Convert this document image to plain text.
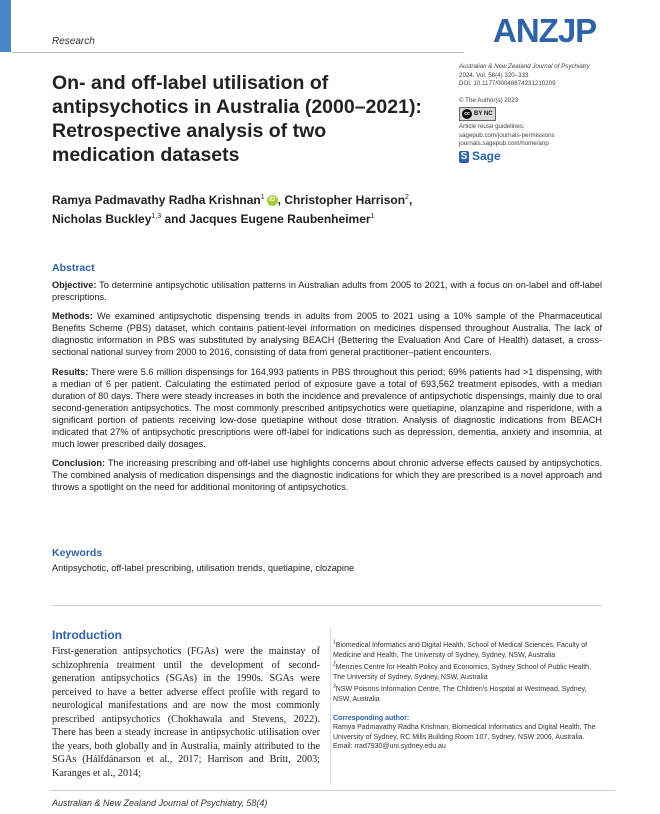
Research	ANZJP
Australian & New Zealand Journal of Psychiatry
2024, Vol. 58(4) 320–333
DOI: 10.1177/00048674231210209
© The Author(s) 2023
cc BY NC
Article reuse guidelines:
sagepub.com/journals-permissions
journals.sagepub.com/home/anp
S Sage
On- and off-label utilisation of antipsychotics in Australia (2000–2021): Retrospective analysis of two medication datasets
Ramya Padmavathy Radha Krishnan$^1$ iD , Christopher Harrison$^2$,
Nicholas Buckley$^{1,3}$ and Jacques Eugene Raubenheimer$^1$
Abstract

Objective: To determine antipsychotic utilisation patterns in Australian adults from 2005 to 2021, with a focus on on-label and off-label prescriptions.

Methods: We examined antipsychotic dispensing trends in adults from 2005 to 2021 using a 10% sample of the Pharmaceutical Benefits Scheme (PBS) dataset, which contains patient-level information on medicines dispensed throughout Australia. The lack of diagnostic information in PBS was substituted by analysing BEACH (Bettering the Evaluation And Care of Health) dataset, a cross-sectional national survey from 2000 to 2016, consisting of data from general practitioner–patient encounters.

Results: There were 5.6 million dispensings for 164,993 patients in PBS throughout this period; 69% patients had >1 dispensing, with a median of 6 per patient. Calculating the estimated period of exposure gave a total of 693,562 treatment episodes, with a median duration of 80 days. There were steady increases in both the incidence and prevalence of antipsychotic dispensings, mainly due to oral second-generation antipsychotics. The most commonly prescribed antipsychotics were quetiapine, olanzapine and risperidone, with a significant portion of patients receiving low-dose quetiapine without dose titration. Analysis of diagnostic indications from BEACH indicated that 27% of antipsychotic prescriptions were off-label for indications such as depression, dementia, anxiety and insomnia, at much lower prescribed daily dosages.

Conclusion: The increasing prescribing and off-label use highlights concerns about chronic adverse effects caused by antipsychotics. The combined analysis of medication dispensings and the diagnostic indications for which they are prescribed is a novel approach and throws a spotlight on the need for additional monitoring of antipsychotics.

Keywords
Antipsychotic, off-label prescribing, utilisation trends, quetiapine, clozapine
Introduction

First-generation antipsychotics (FGAs) were the mainstay of schizophrenia treatment until the development of second-generation antipsychotics (SGAs) in the 1990s. SGAs were perceived to have a better adverse effect profile with regard to neurological manifestations and are now the most commonly prescribed antipsychotics (Chokhawala and Stevens, 2022). There has been a steady increase in antipsychotic utilisation over the years, both globally and in Australia, mainly attributed to the SGAs (Hálfdánarson et al., 2017; Harrison and Britt, 2003; Karanges et al., 2014;

$^1$Biomedical Informatics and Digital Health, School of Medical Sciences, Faculty of Medicine and Health, The University of Sydney, Sydney, NSW, Australia

$^2$Menzies Centre for Health Policy and Economics, Sydney School of Public Health, The University of Sydney, Sydney, NSW, Australia

$^3$NSW Poisons Information Centre, The Children's Hospital at Westmead, Sydney, NSW, Australia

Corresponding author:
Ramya Padmavathy Radha Krishnan, Biomedical Informatics and Digital Health, The University of Sydney, RC Mills Building Room 107, Sydney, NSW 2006, Australia.
Email: rrad7930@uni.sydney.edu.au
Australian & New Zealand Journal of Psychiatry, 58(4)
